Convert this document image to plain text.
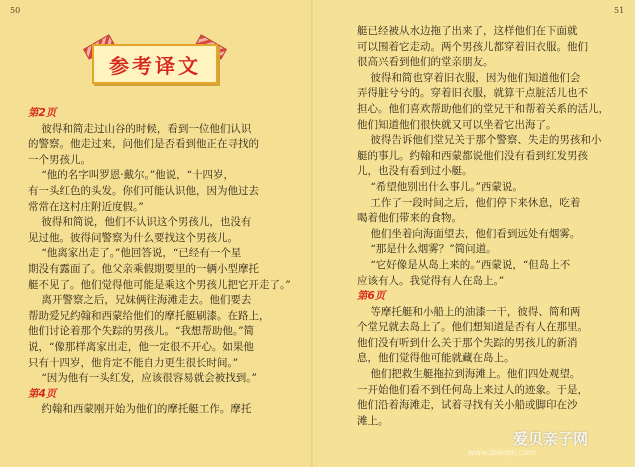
50
参考译文

第2页

彼得和简走过山谷的时候，看到一位他们认识

的警察。他走过来，问他们是否看到他正在寻找的

一个男孩儿。

“他的名字叫罗恩·戴尔。”他说，“十四岁，

有一头红色的头发。你们可能认识他，因为他过去

常常在这村庄附近度假。”

彼得和简说，他们不认识这个男孩儿，也没有

见过他。彼得问警察为什么要找这个男孩儿。

“他离家出走了。”他回答说，“已经有一个星

期没有露面了。他父亲乘假期要里的一辆小型摩托

艇不见了。他们觉得他可能是乘这个男孩儿把它开走了。”

离开警察之后，兄妹俩往海滩走去。他们要去

帮助爱兄约翰和西蒙给他们的摩托艇刷漆。在路上，

他们讨论着那个失踪的男孩儿。“我想帮助他。”简

说，“像那样离家出走，他一定很不开心。如果他

只有十四岁，他肯定不能自力更生很长时间。”

“因为他有一头红发，应该很容易就会被找到。”

第4页

约翰和西蒙刚开始为他们的摩托艇工作。摩托

51

艇已经被从水边拖了出来了，这样他们在下面就

可以围着它走动。两个男孩儿都穿着旧衣服。他们

很高兴看到他们的堂亲朋友。

彼得和简也穿着旧衣服，因为他们知道他们会

弄得脏兮兮的。穿着旧衣服，就算干点脏活儿也不

担心。他们喜欢帮助他们的堂兄干和帮着关系的活儿，

他们知道他们很快就又可以坐着它出海了。

彼得告诉他们堂兄关于那个警察、失走的男孩和小

艇的事儿。约翰和西蒙都说他们没有看到红发男孩

儿，也没有看到过小艇。

“希望他别出什么事儿。”西蒙说。

工作了一段时间之后，他们停下来休息，吃着

喝着他们带来的食物。

他们坐着向海面望去，他们看到远处有烟雾。

“那是什么烟雾？”简问道。

“它好像是从岛上来的。”西蒙说，“但岛上不

应该有人。我觉得有人在岛上。”

第6页

等摩托艇和小船上的油漆一干，彼得、简和两

个堂兄就去岛上了。他们想知道是否有人在那里。

他们没有听到什么关于那个失踪的男孩儿的新消

息，他们觉得他可能就藏在岛上。

他们把救生艇拖拉到海滩上。他们四处观望。

一开始他们看不到任何岛上来过人的迹象。于是，

他们沿着海滩走，试着寻找有关小船或脚印在沙

滩上。

www.ibeiqin.com
爱贝亲子网
